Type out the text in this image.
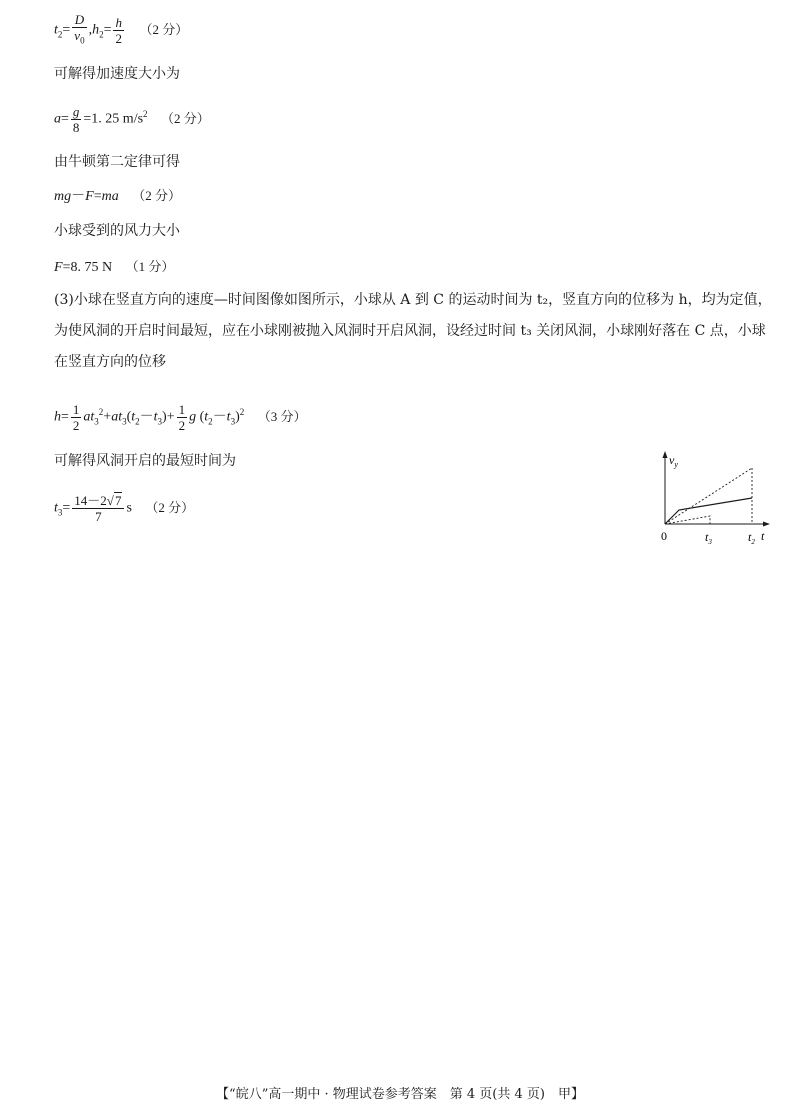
$t_2= \frac{D}{v_0} ,h_2= \frac{h}{2} (2$ 分）
可解得加速度大小为
$a= \frac{g}{8} =1$. 25 $m/s^2$ （2 分）
由牛顿第二定律可得
mg－F=ma （2 分）
小球受到的风力大小
F=8. 75 N （1 分）
(3)小球在竖直方向的速度—时间图像如图所示，小球从 A 到 C 的运动时间为 t₂，竖直方向的位移为 h，均为定值，为使风洞的开启时间最短，应在小球刚被抛入风洞时开启风洞，设经过时间 t₃ 关闭风洞，小球刚好落在 C 点，小球在竖直方向的位移
$h= \frac{1}{2} at_3^2+at_3(t_2-t_3)+ \frac{1}{2}$ g $(t_2-t_3)^2$ （3 分）
可解得风洞开启的最短时间为
$t_3= \frac{14-2√7}{7}$ s （2 分）
$v_y$
0	$t_3$	$t_2$ t
【“皖八”高一期中 · 物理试卷参考答案　第 4 页(共 4 页)　甲】
